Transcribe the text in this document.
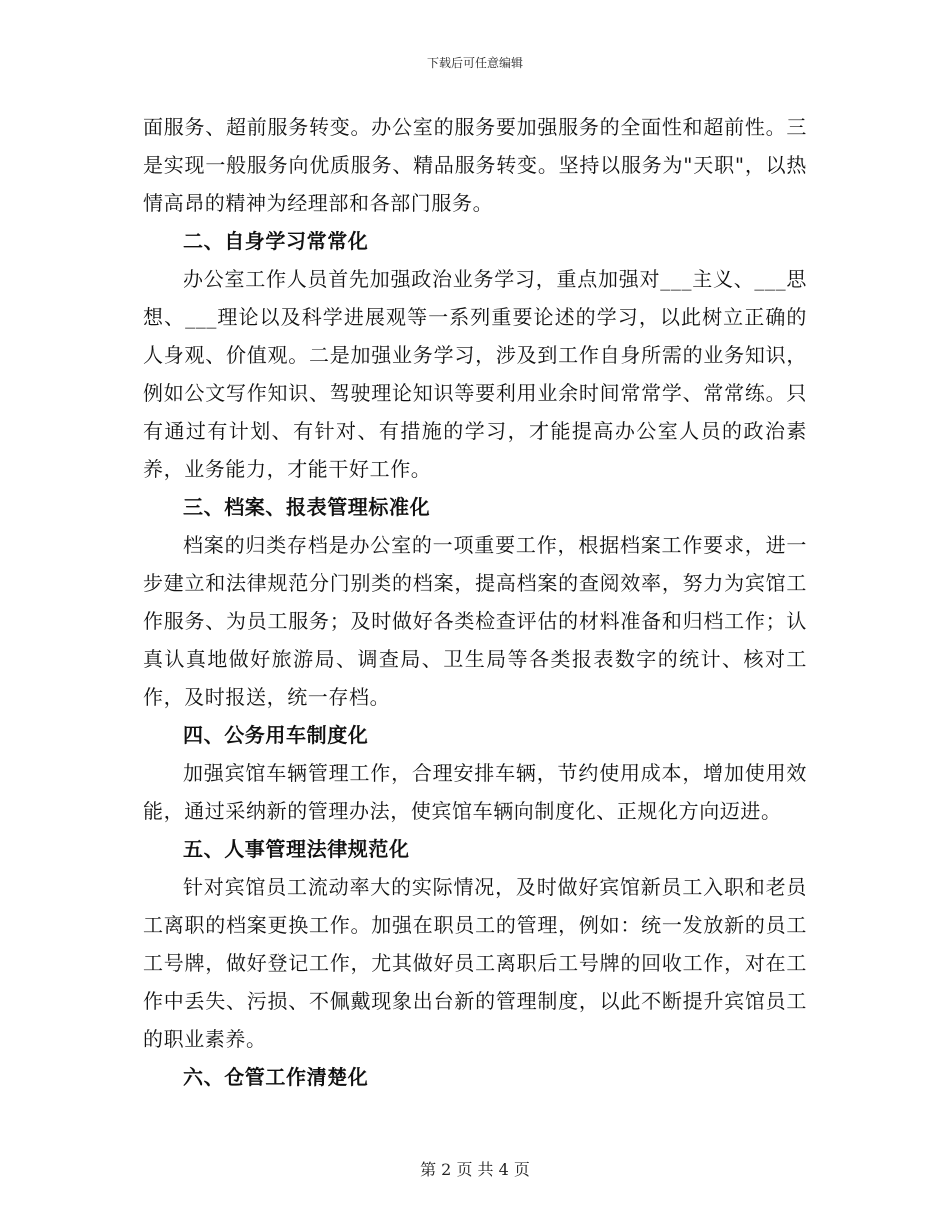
下载后可任意编辑

面服务、超前服务转变。办公室的服务要加强服务的全面性和超前性。三是实现一般服务向优质服务、精品服务转变。坚持以服务为"天职"，以热情高昂的精神为经理部和各部门服务。

二、自身学习常常化

办公室工作人员首先加强政治业务学习，重点加强对___主义、___思想、___理论以及科学进展观等一系列重要论述的学习，以此树立正确的人身观、价值观。二是加强业务学习，涉及到工作自身所需的业务知识，例如公文写作知识、驾驶理论知识等要利用业余时间常常学、常常练。只有通过有计划、有针对、有措施的学习，才能提高办公室人员的政治素养，业务能力，才能干好工作。

三、档案、报表管理标准化

档案的归类存档是办公室的一项重要工作，根据档案工作要求，进一步建立和法律规范分门别类的档案，提高档案的查阅效率，努力为宾馆工作服务、为员工服务；及时做好各类检查评估的材料准备和归档工作；认真认真地做好旅游局、调查局、卫生局等各类报表数字的统计、核对工作，及时报送，统一存档。

四、公务用车制度化

加强宾馆车辆管理工作，合理安排车辆，节约使用成本，增加使用效能，通过采纳新的管理办法，使宾馆车辆向制度化、正规化方向迈进。

五、人事管理法律规范化

针对宾馆员工流动率大的实际情况，及时做好宾馆新员工入职和老员工离职的档案更换工作。加强在职员工的管理，例如：统一发放新的员工工号牌，做好登记工作，尤其做好员工离职后工号牌的回收工作，对在工作中丢失、污损、不佩戴现象出台新的管理制度，以此不断提升宾馆员工的职业素养。

六、仓管工作清楚化

第 2 页 共 4 页
